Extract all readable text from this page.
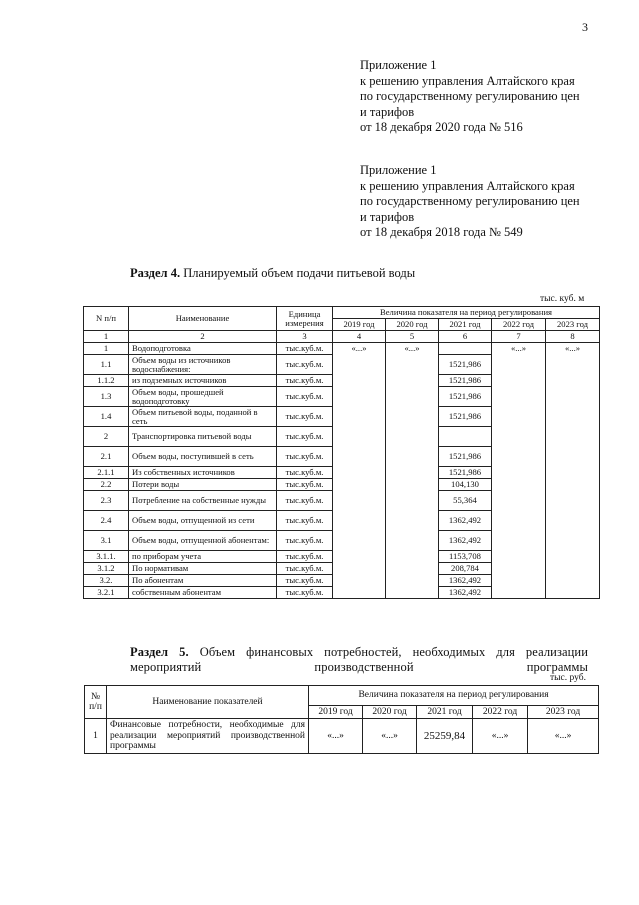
3
Приложение 1
к решению управления Алтайского края
по государственному регулированию цен
и тарифов
от 18 декабря 2020 года № 516
Приложение 1
к решению управления Алтайского края
по государственному регулированию цен
и тарифов
от 18 декабря 2018 года № 549
Раздел 4. Планируемый объем подачи питьевой воды
тыс. куб. м
N п/п	Наименование	Единица измерения	Величина показателя на период регулирования				
			2019 год	2020 год	2021 год	2022 год	2023 год
1	2	3	4	5	6	7	8
1	Водоподготовка	тыс.куб.м.	«...»	«...»		«...»	«...»
1.1	Объем воды из источников водоснабжения:	тыс.куб.м.			1521,986		
1.1.2	из подземных источников	тыс.куб.м.			1521,986		
1.3	Объем воды, прошедшей водоподготовку	тыс.куб.м.			1521,986		
1.4	Объем питьевой воды, поданной в сеть	тыс.куб.м.			1521,986		
2	Транспортировка питьевой воды	тыс.куб.м.					
2.1	Объем воды, поступившей в сеть	тыс.куб.м.			1521,986		
2.1.1	Из собственных источников	тыс.куб.м.			1521,986		
2.2	Потери воды	тыс.куб.м.			104,130		
2.3	Потребление на собственные нужды	тыс.куб.м.			55,364		
2.4	Объем воды, отпущенной из сети	тыс.куб.м.			1362,492		
3.1	Объем воды, отпущенной абонентам:	тыс.куб.м.			1362,492		
3.1.1.	по приборам учета	тыс.куб.м.			1153,708		
3.1.2	По нормативам	тыс.куб.м.			208,784		
3.2.	По абонентам	тыс.куб.м.			1362,492		
3.2.1	собственным абонентам	тыс.куб.м.			1362,492		
Раздел 5. Объем финансовых потребностей, необходимых для реализации мероприятий производственной программы
тыс. руб.
№ п/п	Наименование показателей	Величина показателя на период регулирования				
		2019 год	2020 год	2021 год	2022 год	2023 год
1	Финансовые потребности, необходимые для реализации мероприятий производственной программы	«...»	«...»	25259,84	«...»	«...»
